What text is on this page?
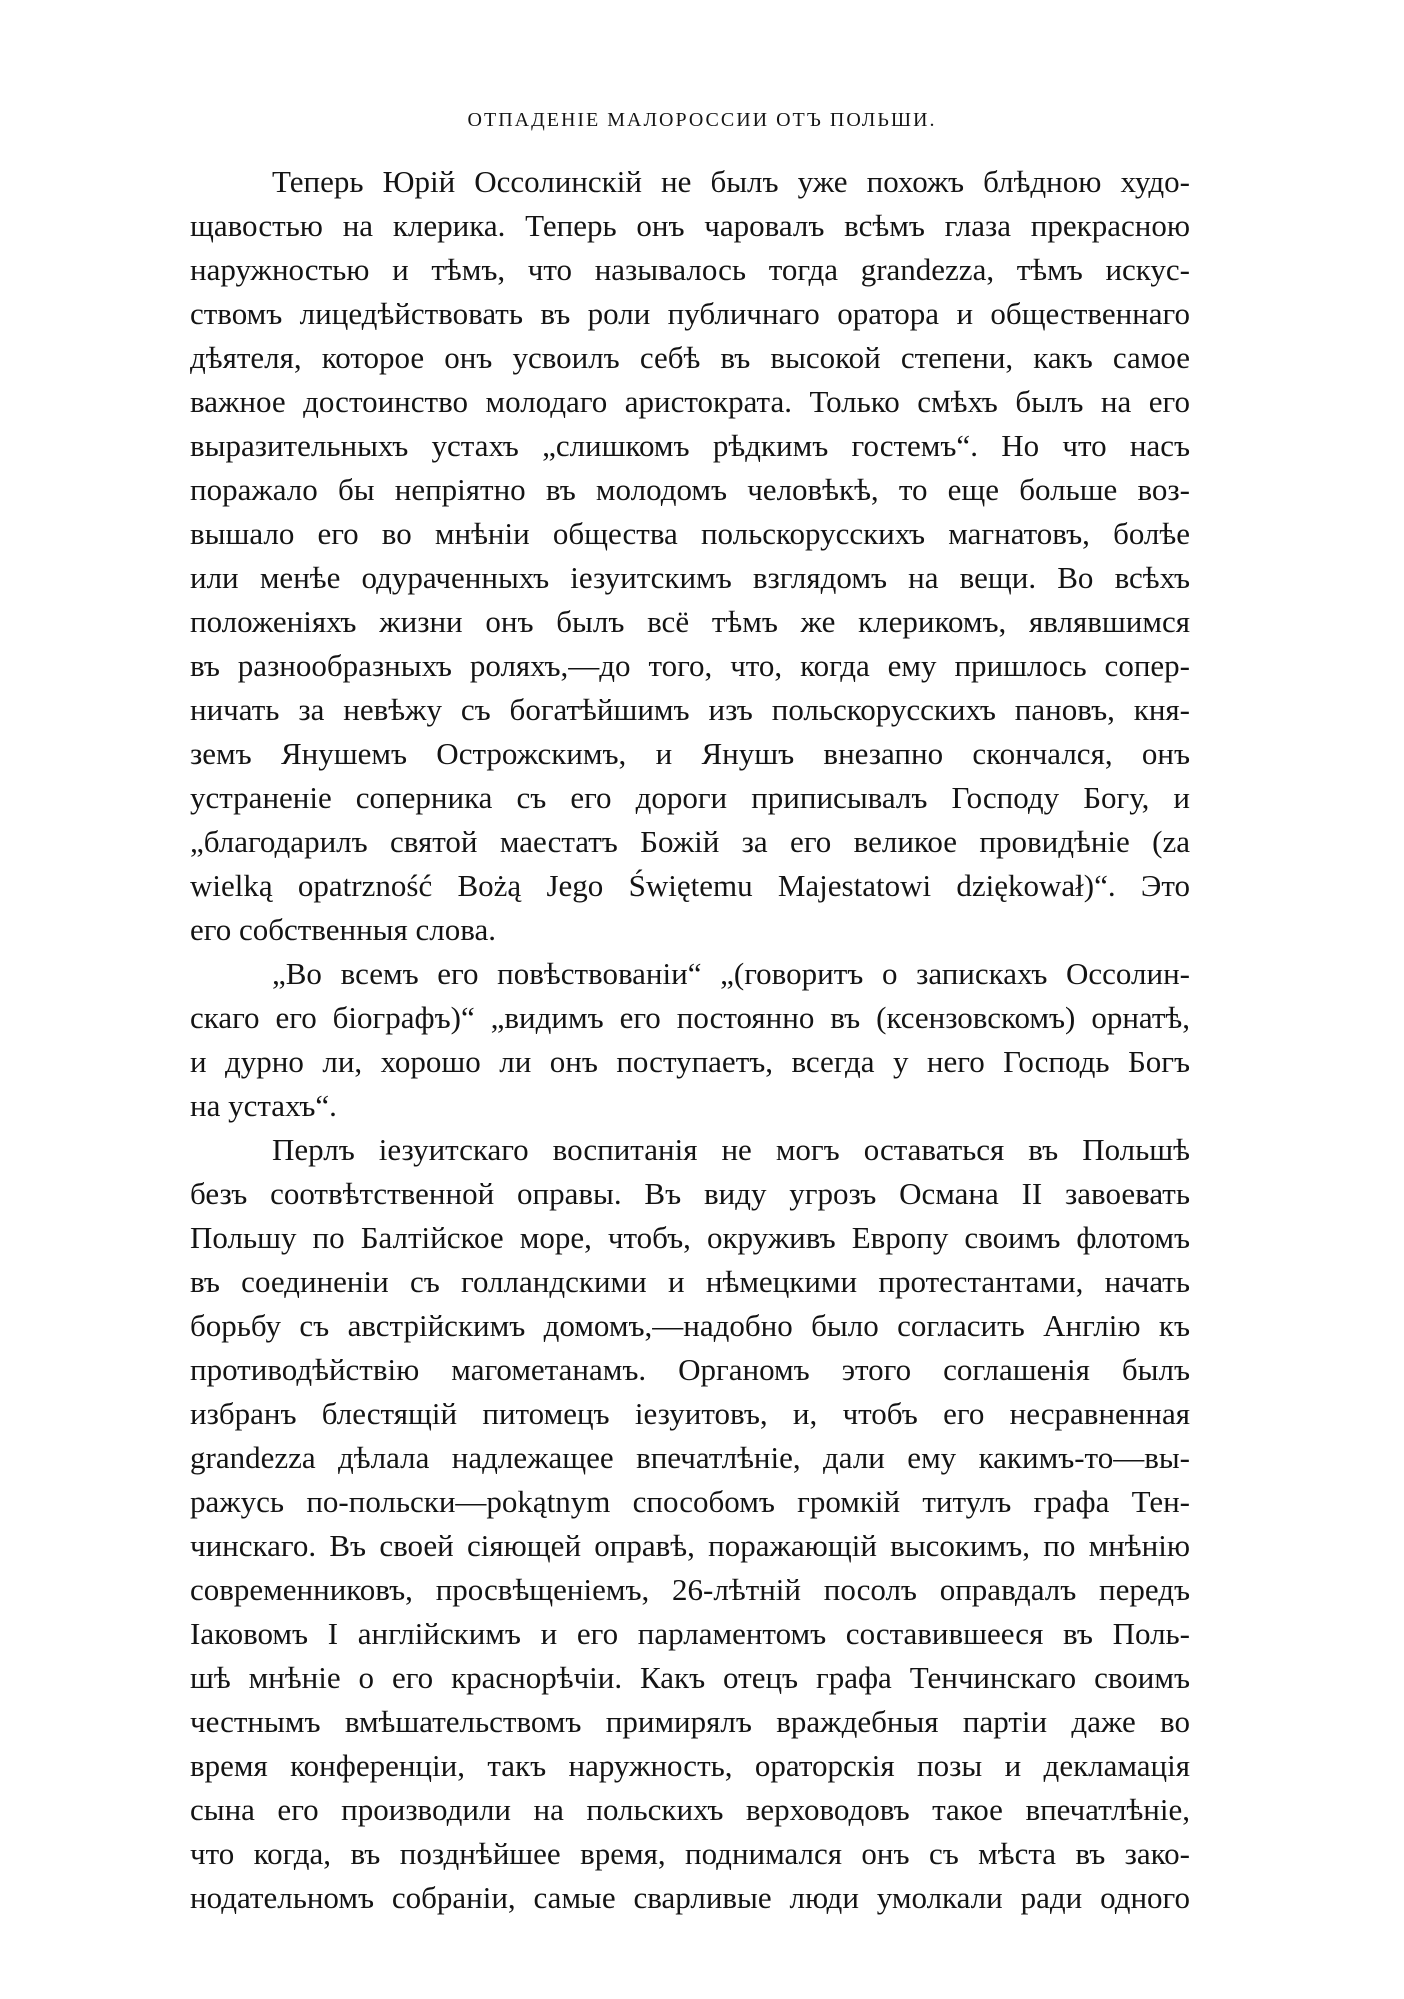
ОТПАДЕНІЕ МАЛОРОССИИ ОТЪ ПОЛЬШИ.
Теперь Юрій Оссолинскій не былъ уже похожъ блѣдною худо-
щавостью на клерика. Теперь онъ чаровалъ всѣмъ глаза прекрасною
наружностью и тѣмъ, что называлось тогда grandezza, тѣмъ искус-
ствомъ лицедѣйствовать въ роли публичнаго оратора и общественнаго
дѣятеля, которое онъ усвоилъ себѣ въ высокой степени, какъ самое
важное достоинство молодаго аристократа. Только смѣхъ былъ на его
выразительныхъ устахъ „слишкомъ рѣдкимъ гостемъ“. Но что насъ
поражало бы непріятно въ молодомъ человѣкѣ, то еще больше воз-
вышало его во мнѣніи общества польскорусскихъ магнатовъ, болѣе
или менѣе одураченныхъ іезуитскимъ взглядомъ на вещи. Во всѣхъ
положеніяхъ жизни онъ былъ всё тѣмъ же клерикомъ, являвшимся
въ разнообразныхъ роляхъ,—до того, что, когда ему пришлось сопер-
ничать за невѣжу съ богатѣйшимъ изъ польскорусскихъ пановъ, кня-
земъ Янушемъ Острожскимъ, и Янушъ внезапно скончался, онъ
устраненіе соперника съ его дороги приписывалъ Господу Богу, и
„благодарилъ святой маестатъ Божій за его великое провидѣніе (za
wielką opatrzność Bożą Jego Świętemu Majestatowi dziękował)“. Это
его собственныя слова.
„Во всемъ его повѣствованіи“ „(говоритъ о запискахъ Оссолин-
скаго его біографъ)“ „видимъ его постоянно въ (ксензовскомъ) орнатѣ,
и дурно ли, хорошо ли онъ поступаетъ, всегда у него Господь Богъ
на устахъ“.
Перлъ іезуитскаго воспитанія не могъ оставаться въ Польшѣ
безъ соотвѣтственной оправы. Въ виду угрозъ Османа II завоевать
Польшу по Балтійское море, чтобъ, окруживъ Европу своимъ флотомъ
въ соединеніи съ голландскими и нѣмецкими протестантами, начать
борьбу съ австрійскимъ домомъ,—надобно было согласить Англію къ
противодѣйствію магометанамъ. Органомъ этого соглашенія былъ
избранъ блестящій питомецъ іезуитовъ, и, чтобъ его несравненная
grandezza дѣлала надлежащее впечатлѣніе, дали ему какимъ-то—вы-
ражусь по-польски—pokątnym способомъ громкій титулъ графа Тен-
чинскаго. Въ своей сіяющей оправѣ, поражающій высокимъ, по мнѣнію
современниковъ, просвѣщеніемъ, 26-лѣтній посолъ оправдалъ передъ
Іаковомъ I англійскимъ и его парламентомъ составившееся въ Поль-
шѣ мнѣніе о его краснорѣчіи. Какъ отецъ графа Тенчинскаго своимъ
честнымъ вмѣшательствомъ примирялъ враждебныя партіи даже во
время конференціи, такъ наружность, ораторскія позы и декламація
сына его производили на польскихъ верховодовъ такое впечатлѣніе,
что когда, въ позднѣйшее время, поднимался онъ съ мѣста въ зако-
нодательномъ собраніи, самые сварливые люди умолкали ради одного
